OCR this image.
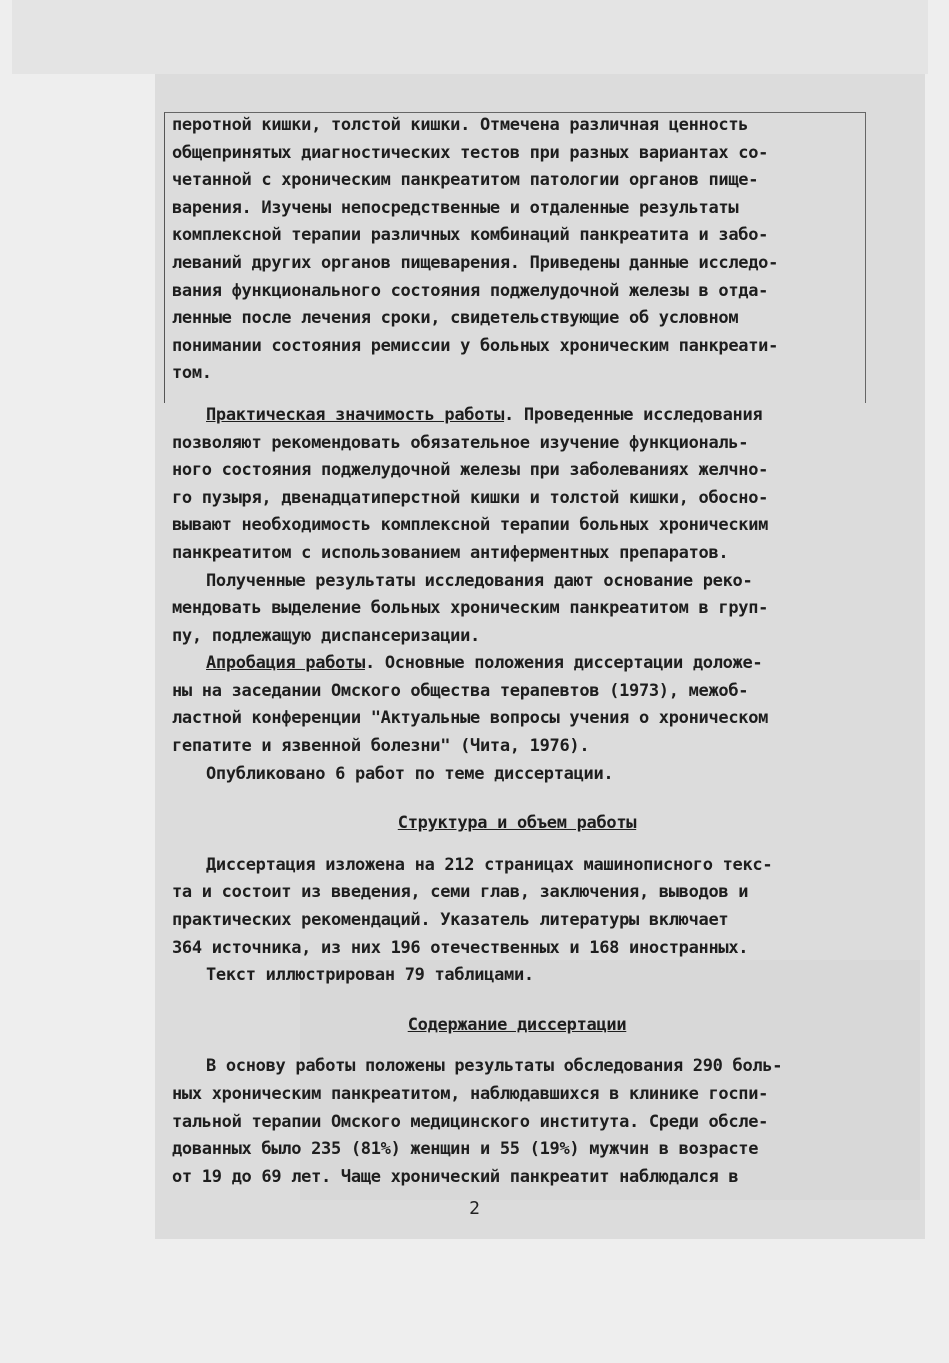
перотной кишки, толстой кишки. Отмечена различная ценность
общепринятых диагностических тестов при разных вариантах со-
четанной с хроническим панкреатитом патологии органов пище-
варения. Изучены непосредственные и отдаленные результаты
комплексной терапии различных комбинаций панкреатита и забо-
леваний других органов пищеварения. Приведены данные исследо-
вания функционального состояния поджелудочной железы в отда-
ленные после лечения сроки, свидетельствующие об условном
понимании состояния ремиссии у больных хроническим панкреати-
том.
Практическая значимость работы. Проведенные исследования
позволяют рекомендовать обязательное изучение функциональ-
ного состояния поджелудочной железы при заболеваниях желчно-
го пузыря, двенадцатиперстной кишки и толстой кишки, обосно-
вывают необходимость комплексной терапии больных хроническим
панкреатитом с использованием антиферментных препаратов.
Полученные результаты исследования дают основание реко-
мендовать выделение больных хроническим панкреатитом в груп-
пу, подлежащую диспансеризации.
Апробация работы. Основные положения диссертации доложе-
ны на заседании Омского общества терапевтов (1973), межоб-
ластной конференции "Актуальные вопросы учения о хроническом
гепатите и язвенной болезни" (Чита, 1976).
Опубликовано 6 работ по теме диссертации.
Структура и объем работы
Диссертация изложена на 212 страницах машинописного текс-
та и состоит из введения, семи глав, заключения, выводов и
практических рекомендаций. Указатель литературы включает
364 источника, из них 196 отечественных и 168 иностранных.
Текст иллюстрирован 79 таблицами.
Содержание диссертации
В основу работы положены результаты обследования 290 боль-
ных хроническим панкреатитом, наблюдавшихся в клинике госпи-
тальной терапии Омского медицинского института. Среди обсле-
дованных было 235 (81%) женщин и 55 (19%) мужчин в возрасте
от 19 до 69 лет. Чаще хронический панкреатит наблюдался в
2
